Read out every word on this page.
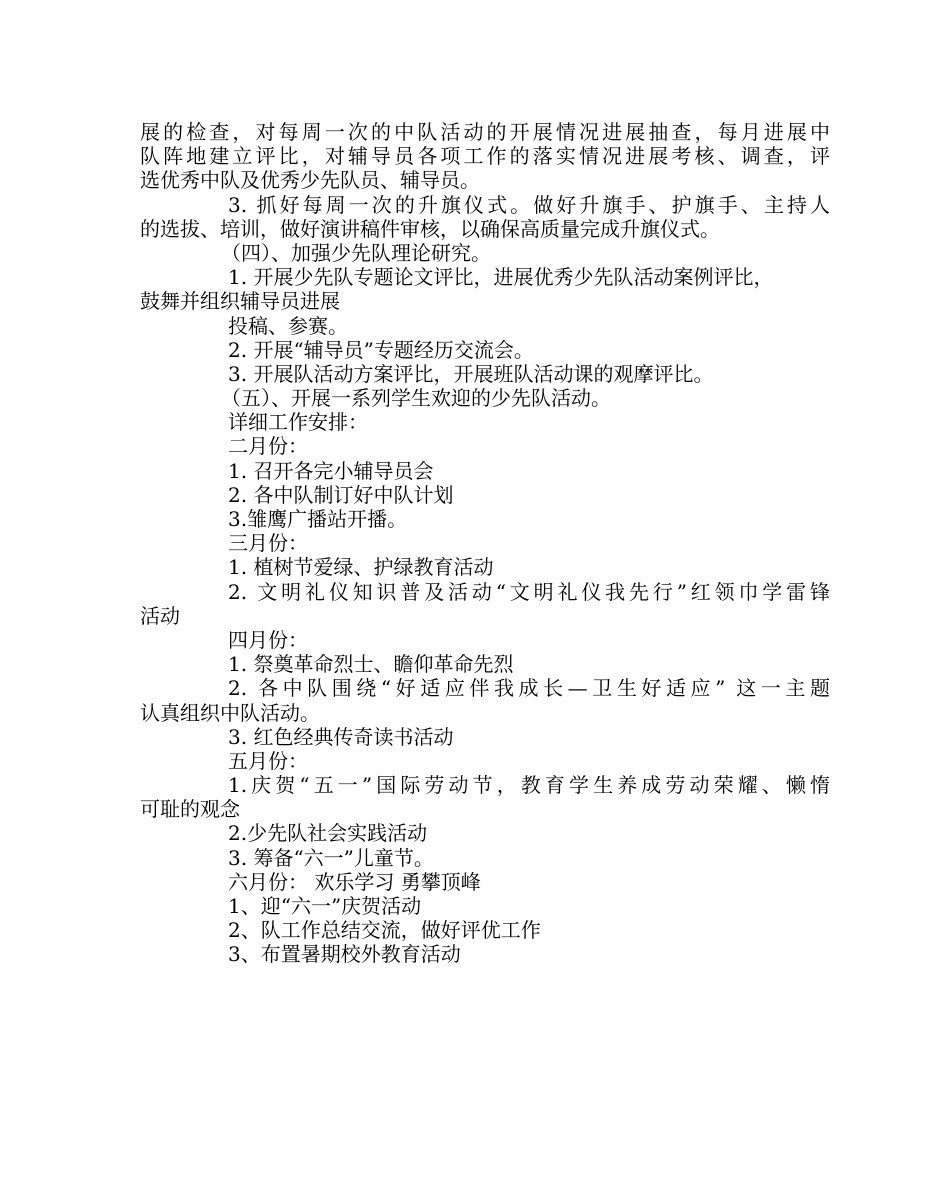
展的检查，对每周一次的中队活动的开展情况进展抽查，每月进展中
队阵地建立评比，对辅导员各项工作的落实情况进展考核、调查，评
选优秀中队及优秀少先队员、辅导员。
3. 抓好每周一次的升旗仪式。做好升旗手、护旗手、主持人
的选拔、培训，做好演讲稿件审核，以确保高质量完成升旗仪式。
（四）、加强少先队理论研究。
1. 开展少先队专题论文评比，进展优秀少先队活动案例评比，
鼓舞并组织辅导员进展
投稿、参赛。
2. 开展“辅导员”专题经历交流会。
3. 开展队活动方案评比，开展班队活动课的观摩评比。
（五）、开展一系列学生欢迎的少先队活动。
详细工作安排：
二月份：
1. 召开各完小辅导员会
2. 各中队制订好中队计划
3.雏鹰广播站开播。
三月份：
1. 植树节爱绿、护绿教育活动
2. 文明礼仪知识普及活动“文明礼仪我先行”红领巾学雷锋
活动
四月份：
1. 祭奠革命烈士、瞻仰革命先烈
2. 各中队围绕“好适应伴我成长—卫生好适应” 这一主题
认真组织中队活动。
3. 红色经典传奇读书活动
五月份：
1.庆贺“五一”国际劳动节，教育学生养成劳动荣耀、懒惰
可耻的观念
2.少先队社会实践活动
3. 筹备“六一”儿童节。
六月份： 欢乐学习 勇攀顶峰
1、迎“六一”庆贺活动
2、队工作总结交流，做好评优工作
3、布置暑期校外教育活动
